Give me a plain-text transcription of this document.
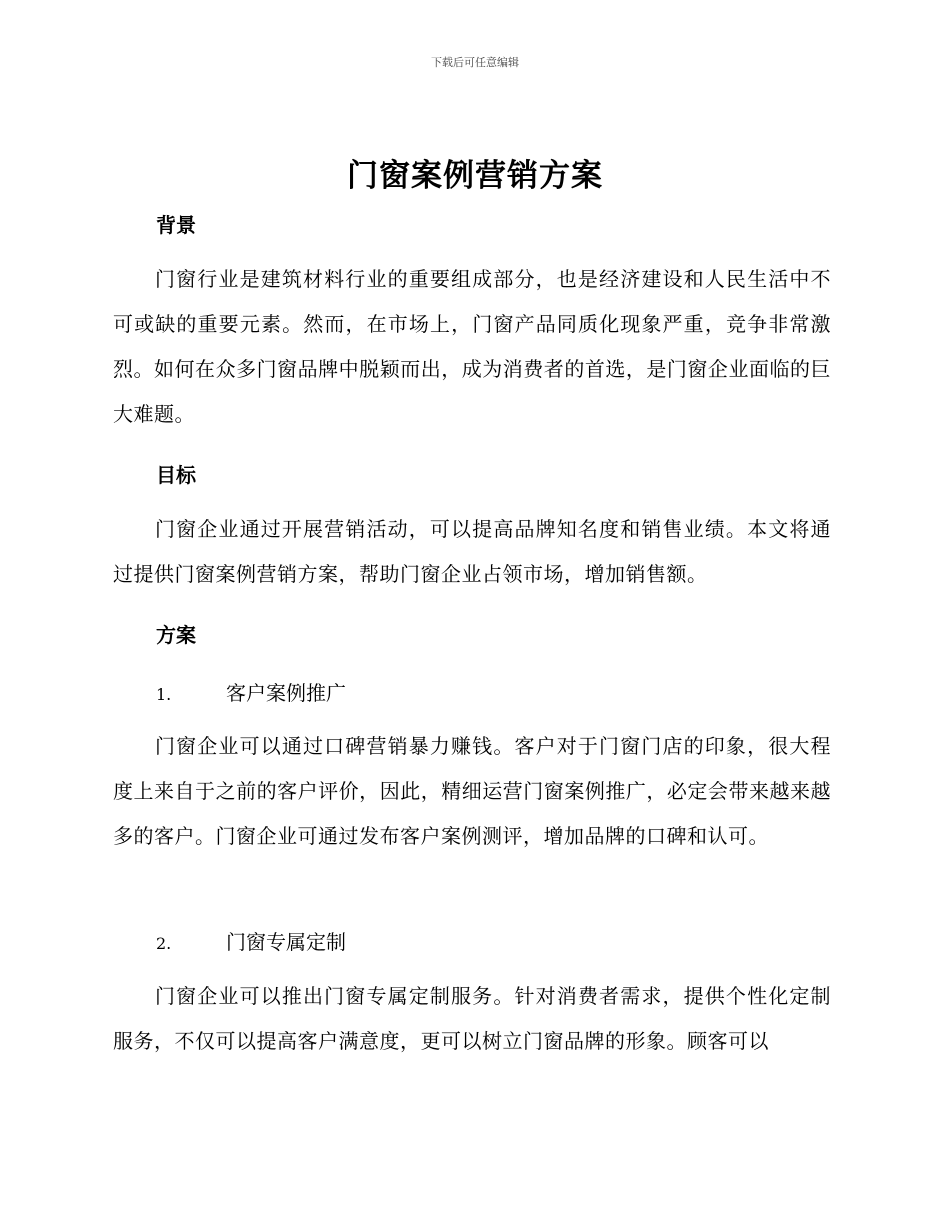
下载后可任意编辑
门窗案例营销方案
背景
门窗行业是建筑材料行业的重要组成部分，也是经济建设和人民生活中不可或缺的重要元素。然而，在市场上，门窗产品同质化现象严重，竞争非常激烈。如何在众多门窗品牌中脱颖而出，成为消费者的首选，是门窗企业面临的巨大难题。
目标
门窗企业通过开展营销活动，可以提高品牌知名度和销售业绩。本文将通过提供门窗案例营销方案，帮助门窗企业占领市场，增加销售额。
方案
1.	客户案例推广
门窗企业可以通过口碑营销暴力赚钱。客户对于门窗门店的印象，很大程度上来自于之前的客户评价，因此，精细运营门窗案例推广，必定会带来越来越多的客户。门窗企业可通过发布客户案例测评，增加品牌的口碑和认可。
2.	门窗专属定制
门窗企业可以推出门窗专属定制服务。针对消费者需求，提供个性化定制服务，不仅可以提高客户满意度，更可以树立门窗品牌的形象。顾客可以
